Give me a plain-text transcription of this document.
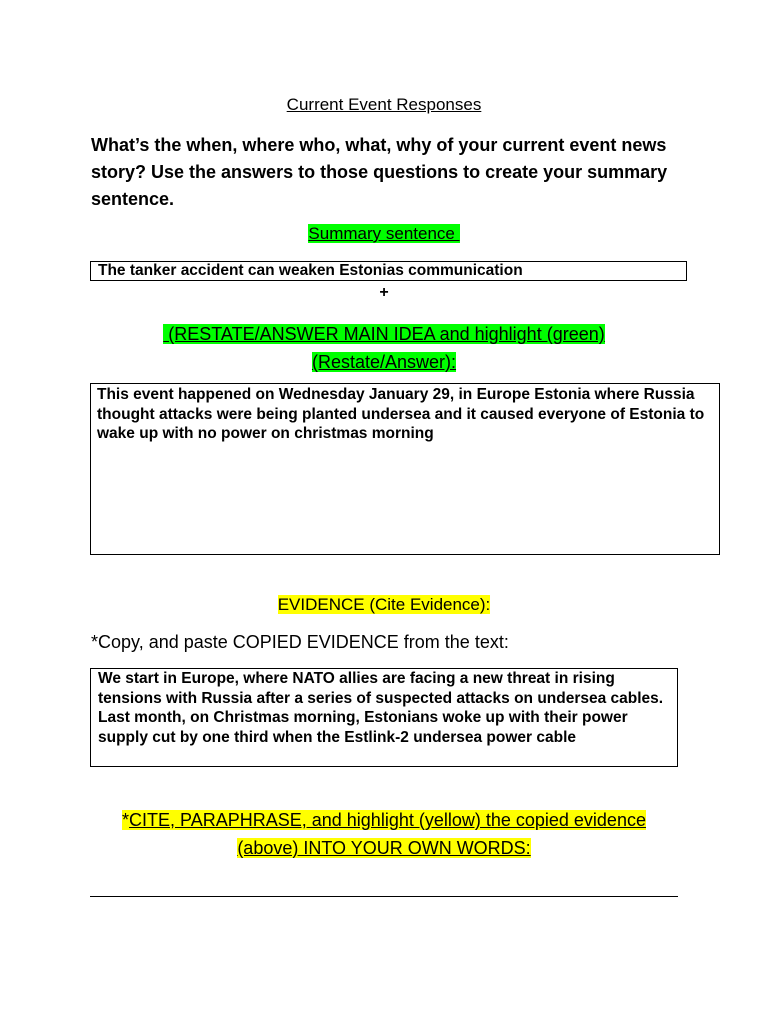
Current Event Responses
What’s the when, where who, what, why of your current event news story? Use the answers to those questions to create your summary sentence.
Summary sentence
The tanker accident can weaken Estonias communication
+
(RESTATE/ANSWER MAIN IDEA and highlight (green)
(Restate/Answer):
This event happened on Wednesday January 29, in Europe Estonia where Russia thought attacks were being planted undersea and it caused everyone of Estonia to wake up with no power on christmas morning
EVIDENCE (Cite Evidence):
*Copy, and paste COPIED EVIDENCE from the text:
We start in Europe, where NATO allies are facing a new threat in rising tensions with Russia after a series of suspected attacks on undersea cables. Last month, on Christmas morning, Estonians woke up with their power supply cut by one third when the Estlink-2 undersea power cable
*CITE, PARAPHRASE, and highlight (yellow) the copied evidence
(above) INTO YOUR OWN WORDS:
